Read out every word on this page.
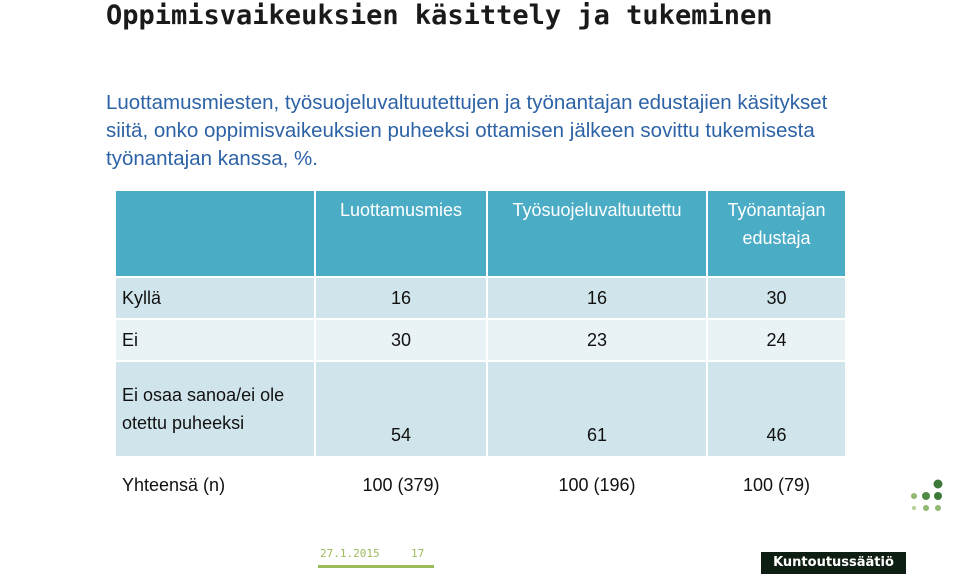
Oppimisvaikeuksien käsittely ja tukeminen

Luottamusmiesten, työsuojeluvaltuutettujen ja työnantajan edustajien käsitykset siitä, onko oppimisvaikeuksien puheeksi ottamisen jälkeen sovittu tukemisesta työnantajan kanssa, %.

	Luottamusmies	Työsuojeluvaltuutettu	Työnantajan edustaja
Kyllä	16	16	30
Ei	30	23	24
Ei osaa sanoa/ei ole otettu puheeksi	54	61	46
Yhteensä (n)	100 (379)	100 (196)	100 (79)
27.1.2015	17
Kuntoutussäätiö
